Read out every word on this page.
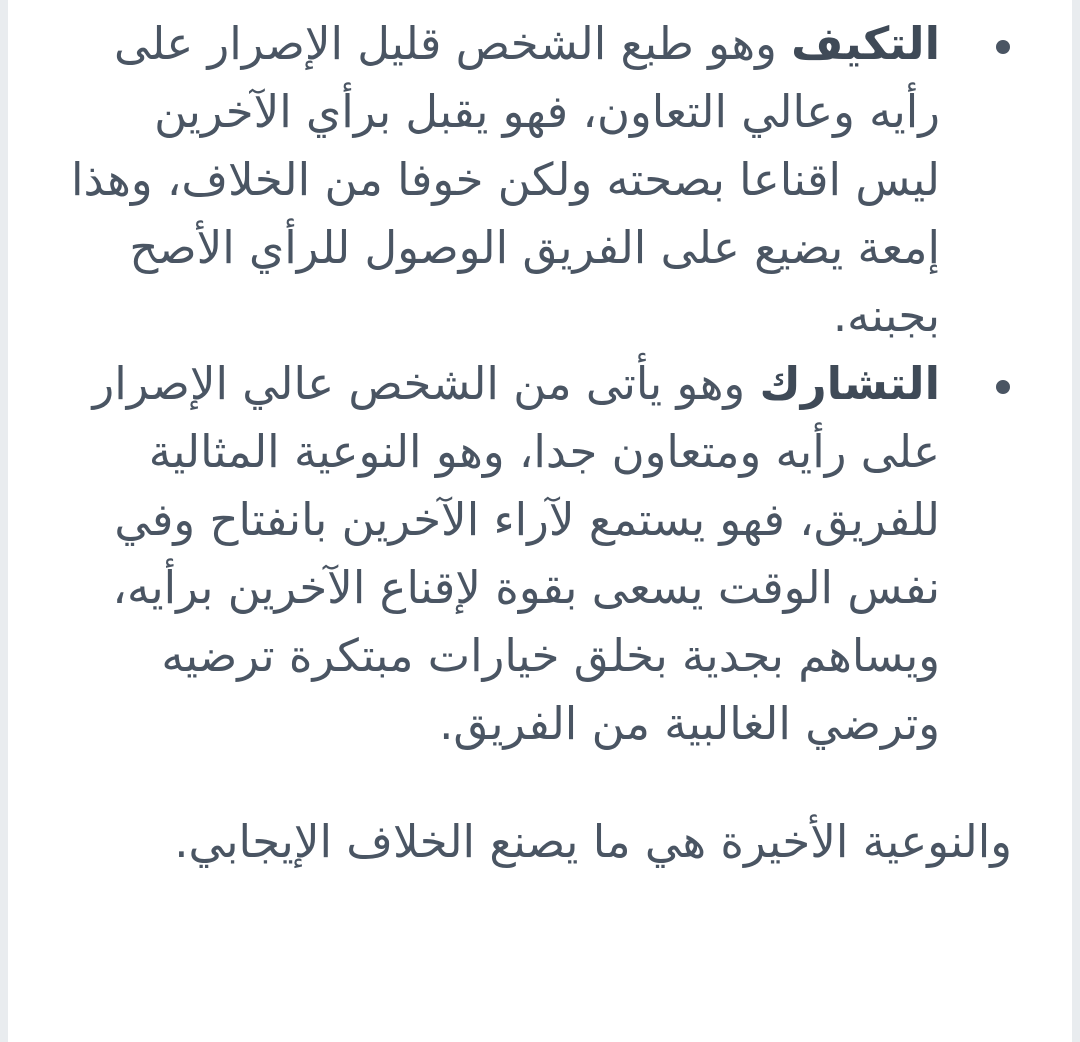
التكيف وهو طبع الشخص قليل الإصرار على رأيه وعالي التعاون، فهو يقبل برأي الآخرين ليس اقناعا بصحته ولكن خوفا من الخلاف، وهذا إمعة يضيع على الفريق الوصول للرأي الأصح بجبنه.
التشارك وهو يأتى من الشخص عالي الإصرار على رأيه ومتعاون جدا، وهو النوعية المثالية للفريق، فهو يستمع لآراء الآخرين بانفتاح وفي نفس الوقت يسعى بقوة لإقناع الآخرين برأيه، ويساهم بجدية بخلق خيارات مبتكرة ترضيه وترضي الغالبية من الفريق.

والنوعية الأخيرة هي ما يصنع الخلاف الإيجابي.
